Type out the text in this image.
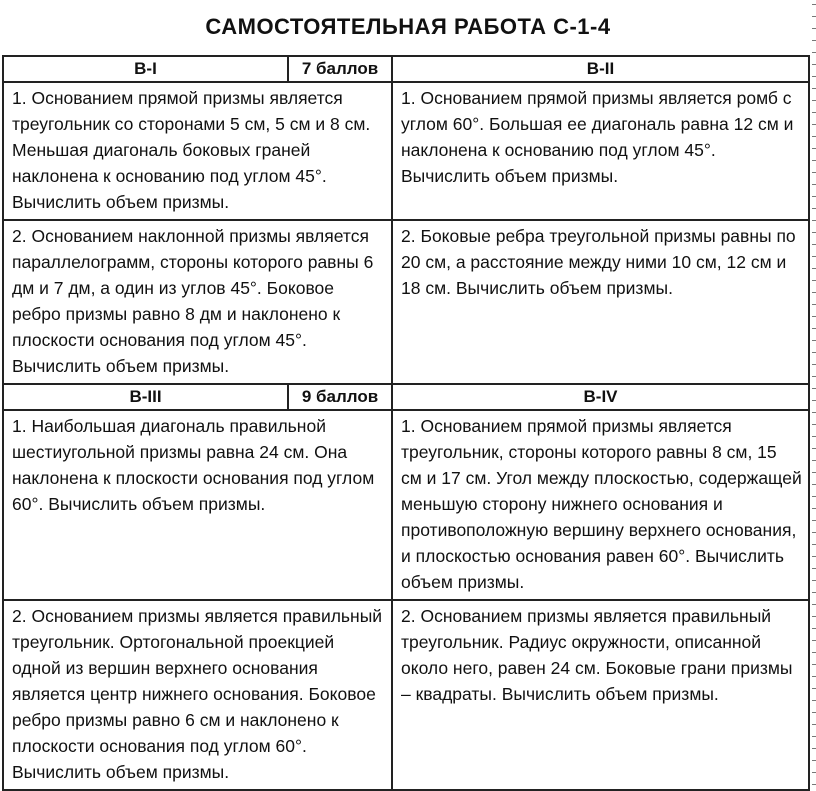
САМОСТОЯТЕЛЬНАЯ РАБОТА С-1-4
В-I	7 баллов	В-II
1. Основанием прямой призмы является треугольник со сторонами 5 см, 5 см и 8 см. Меньшая диагональ боковых граней наклонена к основанию под углом 45°. Вычислить объем призмы.		1. Основанием прямой призмы является ромб с углом 60°. Большая ее диагональ равна 12 см и наклонена к основанию под углом 45°. Вычислить объем призмы.
2. Основанием наклонной призмы является параллелограмм, стороны которого равны 6 дм и 7 дм, а один из углов 45°. Боковое ребро призмы равно 8 дм и наклонено к плоскости основания под углом 45°. Вычислить объем призмы.		2. Боковые ребра треугольной призмы равны по 20 см, а расстояние между ними 10 см, 12 см и 18 см. Вычислить объем призмы.
В-III	9 баллов	В-IV
1. Наибольшая диагональ правильной шестиугольной призмы равна 24 см. Она наклонена к плоскости основания под углом 60°. Вычислить объем призмы.		1. Основанием прямой призмы является треугольник, стороны которого равны 8 см, 15 см и 17 см. Угол между плоскостью, содержащей меньшую сторону нижнего основания и противоположную вершину верхнего основания, и плоскостью основания равен 60°. Вычислить объем призмы.
2. Основанием призмы является правильный треугольник. Ортогональной проекцией одной из вершин верхнего основания является центр нижнего основания. Боковое ребро призмы равно 6 см и наклонено к плоскости основания под углом 60°. Вычислить объем призмы.		2. Основанием призмы является правильный треугольник. Радиус окружности, описанной около него, равен 24 см. Боковые грани призмы – квадраты. Вычислить объем призмы.
